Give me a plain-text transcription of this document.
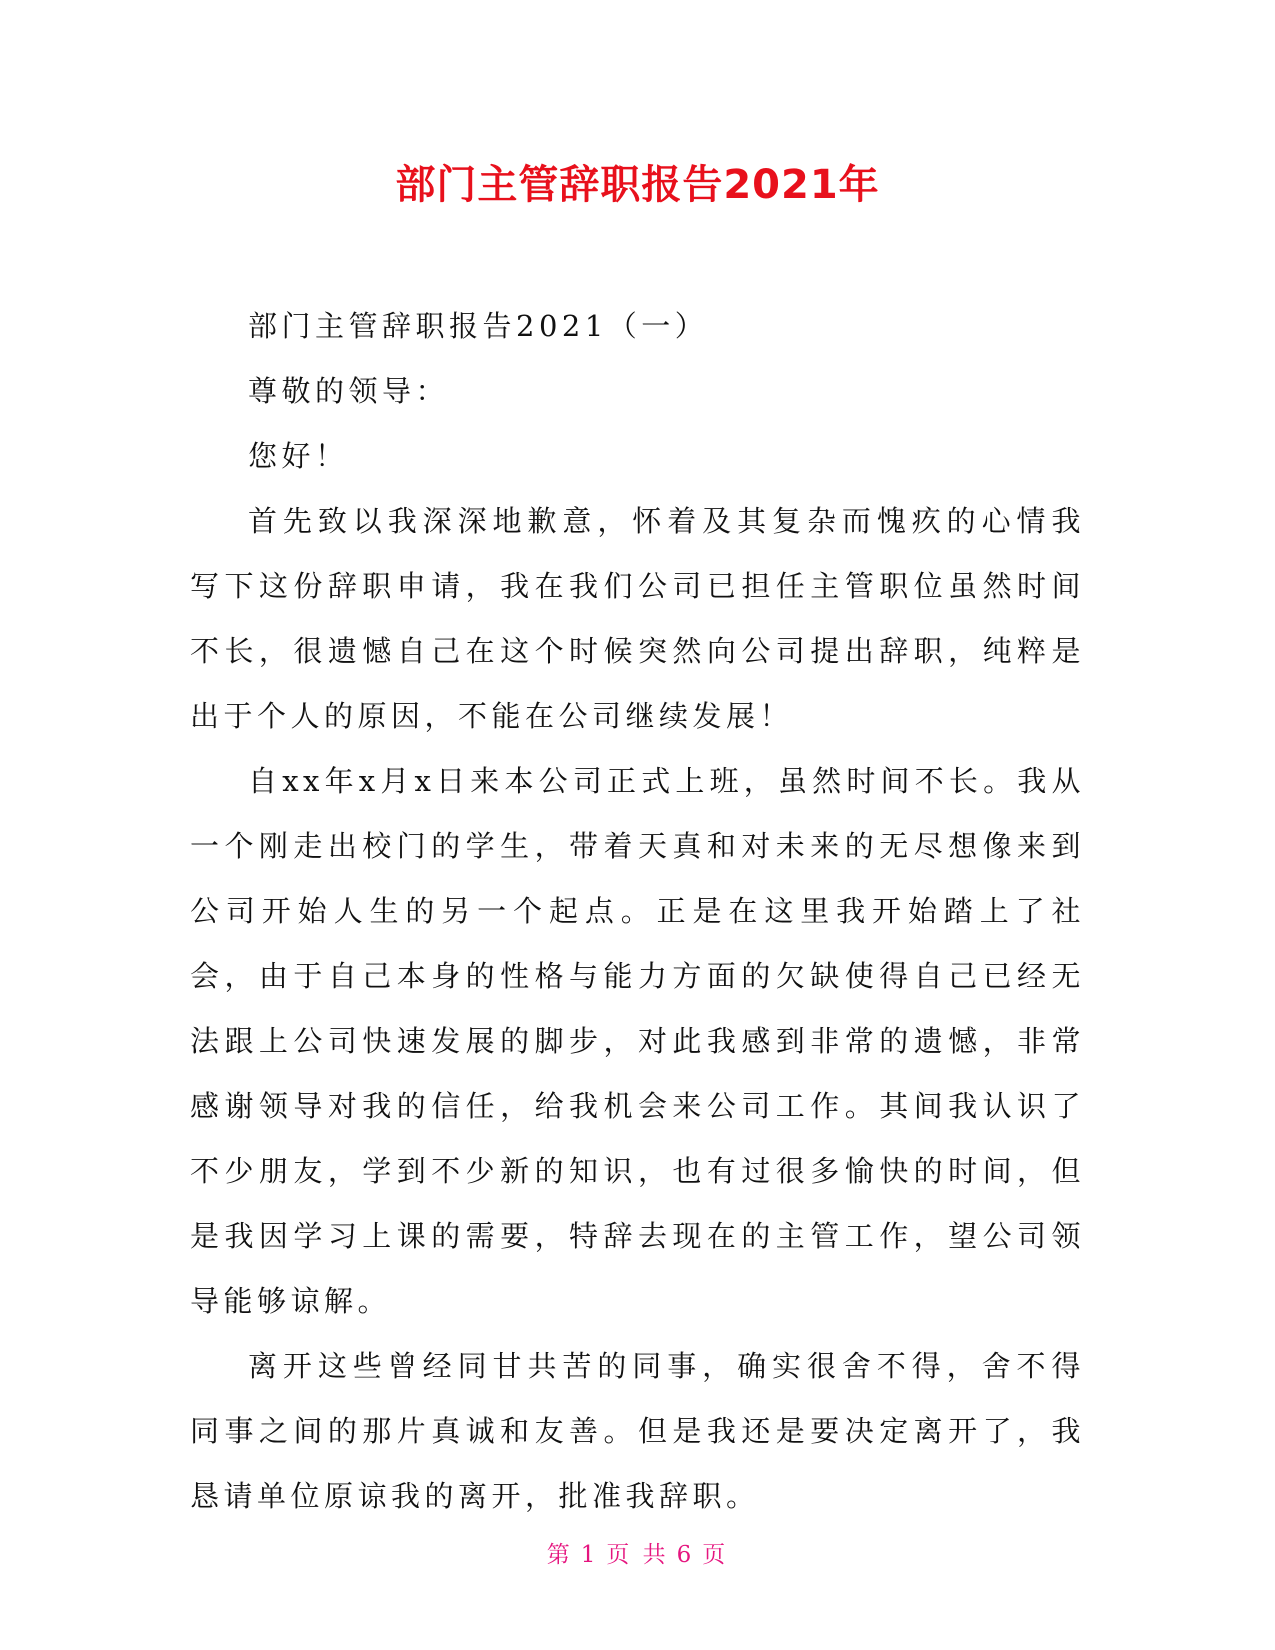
部门主管辞职报告2021年

部门主管辞职报告2021（一）

尊敬的领导：

您好！

首先致以我深深地歉意，怀着及其复杂而愧疚的心情我写下这份辞职申请，我在我们公司已担任主管职位虽然时间不长，很遗憾自己在这个时候突然向公司提出辞职，纯粹是出于个人的原因，不能在公司继续发展！

自xx年x月x日来本公司正式上班，虽然时间不长。我从一个刚走出校门的学生，带着天真和对未来的无尽想像来到公司开始人生的另一个起点。正是在这里我开始踏上了社会，由于自己本身的性格与能力方面的欠缺使得自己已经无法跟上公司快速发展的脚步，对此我感到非常的遗憾，非常感谢领导对我的信任，给我机会来公司工作。其间我认识了不少朋友，学到不少新的知识，也有过很多愉快的时间，但是我因学习上课的需要，特辞去现在的主管工作，望公司领导能够谅解。

离开这些曾经同甘共苦的同事，确实很舍不得，舍不得同事之间的那片真诚和友善。但是我还是要决定离开了，我恳请单位原谅我的离开，批准我辞职。

第 1 页 共 6 页
